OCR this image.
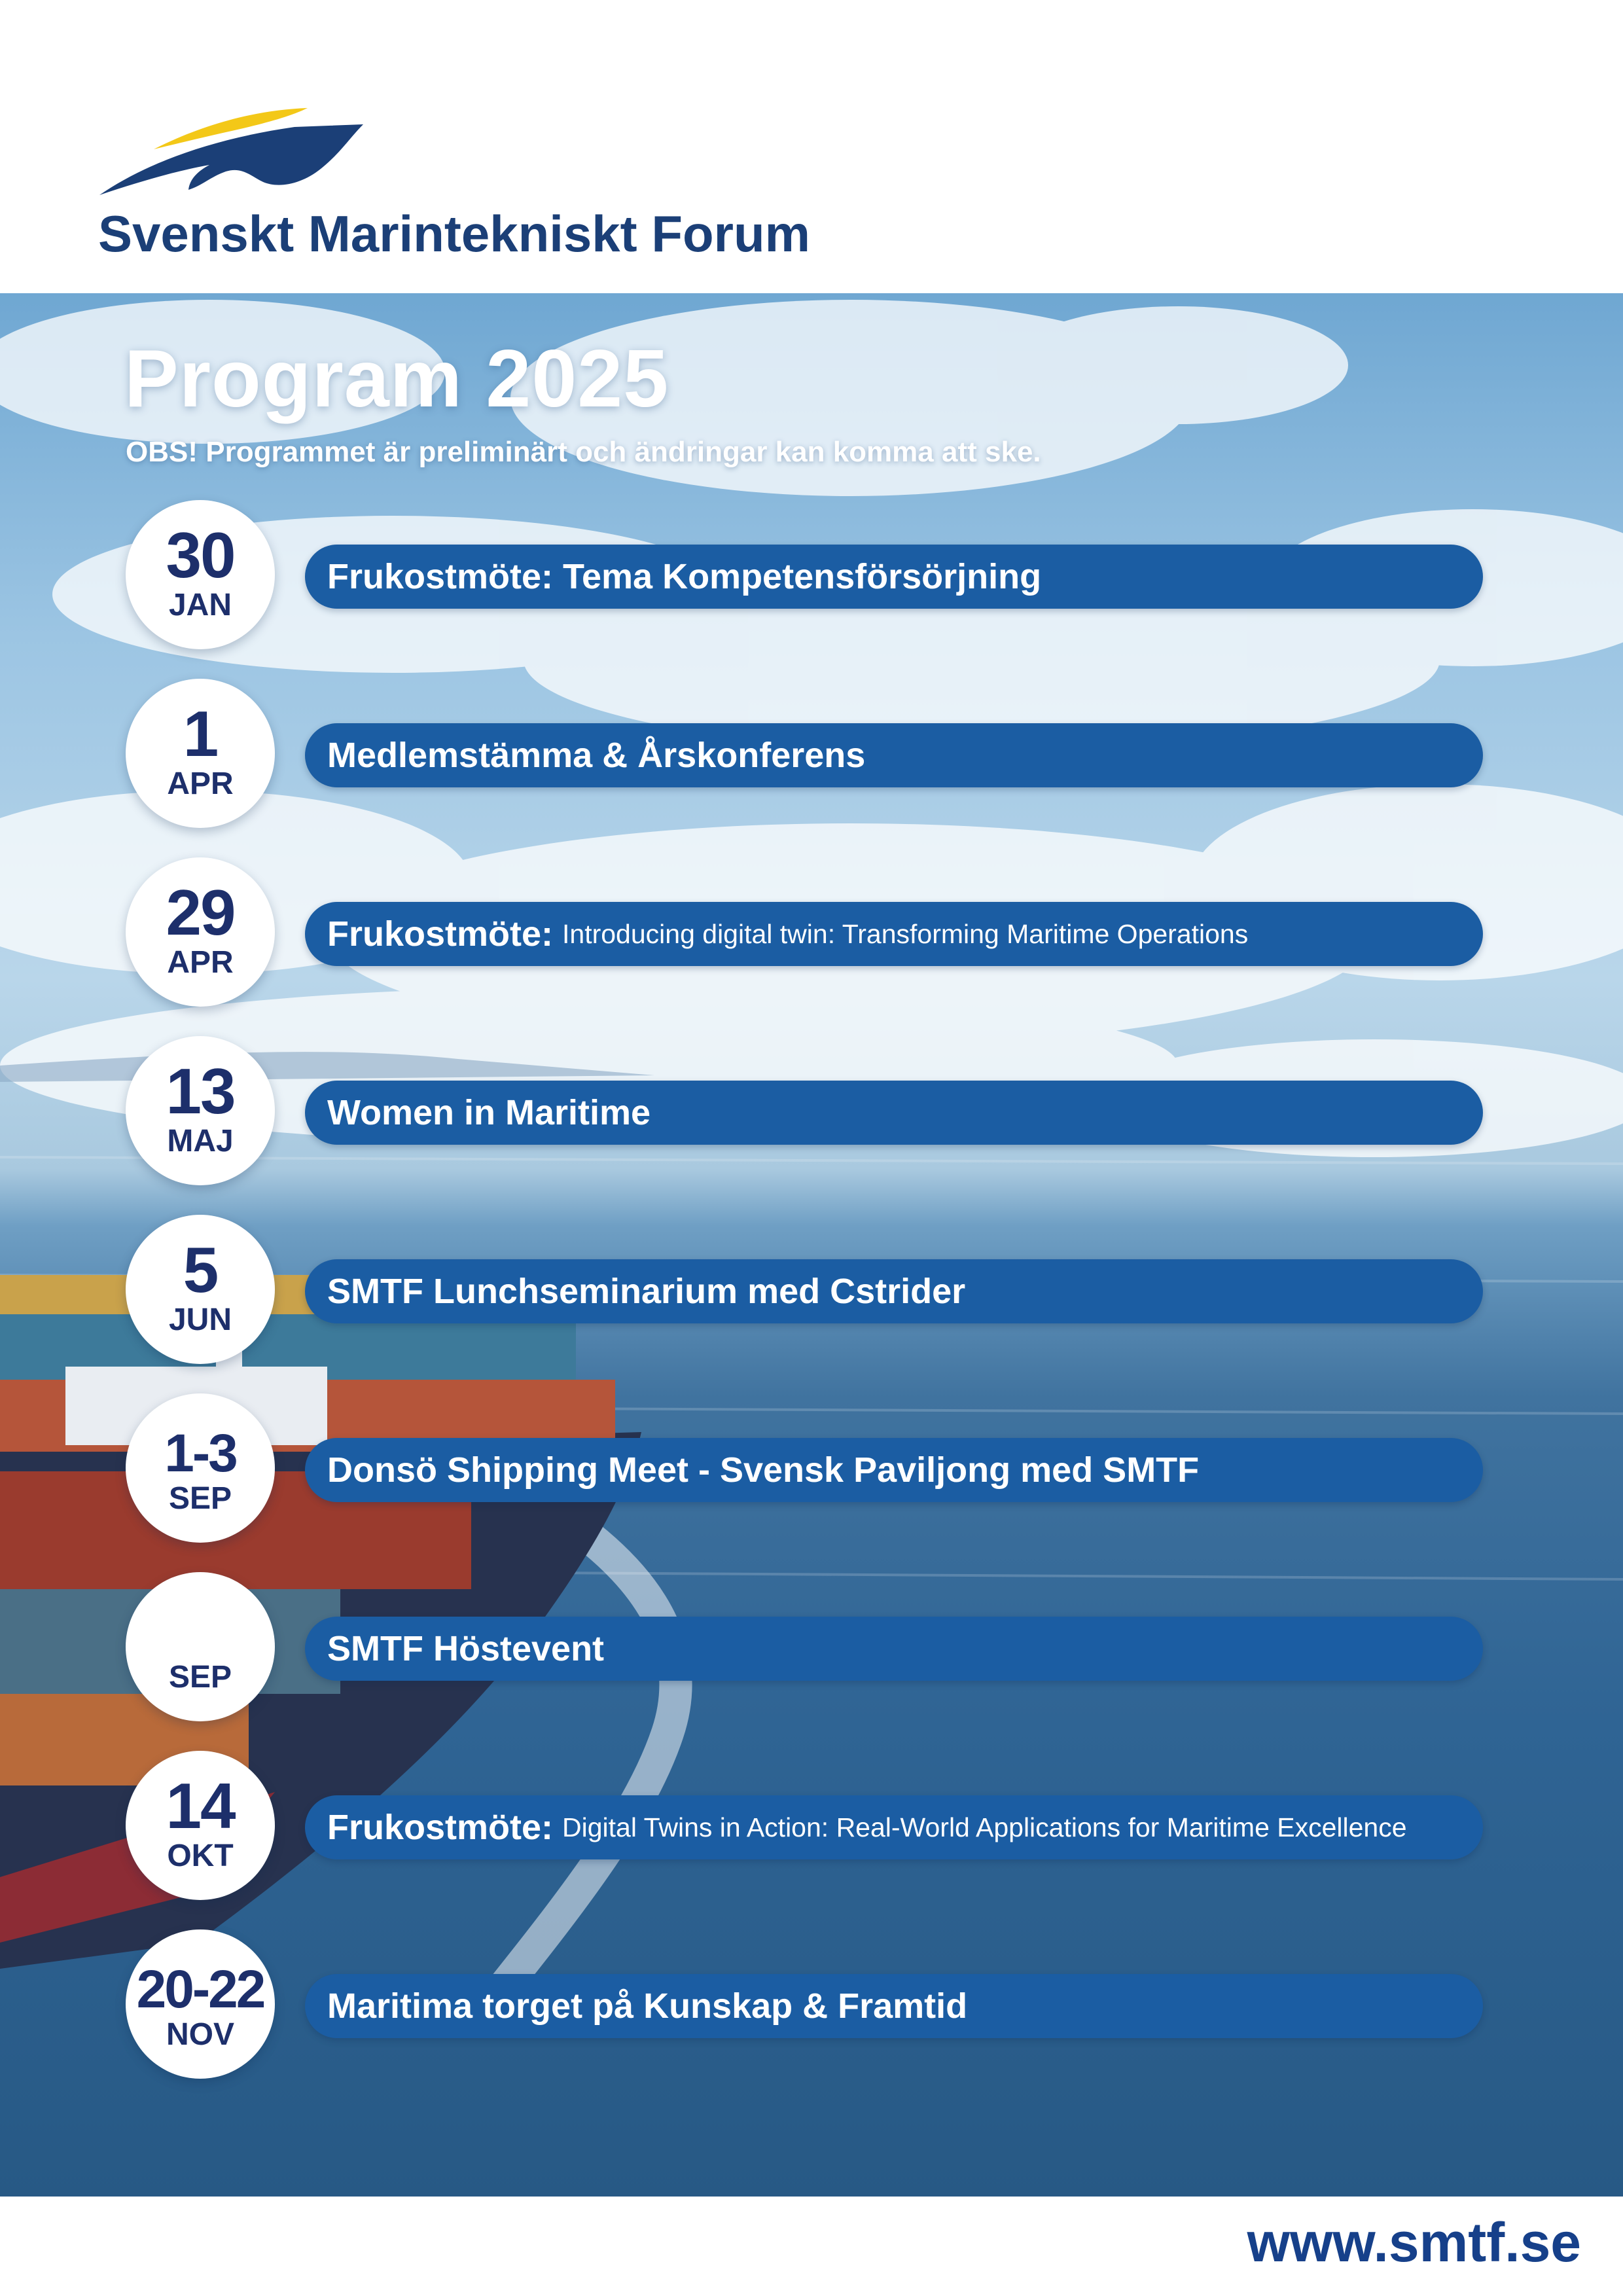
Svenskt Marintekniskt Forum
Program 2025

OBS! Programmet är preliminärt och ändringar kan komma att ske.

Frukostmöte: Tema Kompetensförsörjning
30
JAN
Medlemstämma & Årskonferens
1
APR
Frukostmöte: Introducing digital twin: Transforming Maritime Operations
29
APR
Women in Maritime
13
MAJ
SMTF Lunchseminarium med Cstrider
5
JUN
Donsö Shipping Meet - Svensk Paviljong med SMTF
1-3
SEP
SMTF Höstevent
SEP
Frukostmöte: Digital Twins in Action: Real-World Applications for Maritime Excellence
14
OKT
Maritima torget på Kunskap & Framtid
20-22
NOV
www.smtf.se
